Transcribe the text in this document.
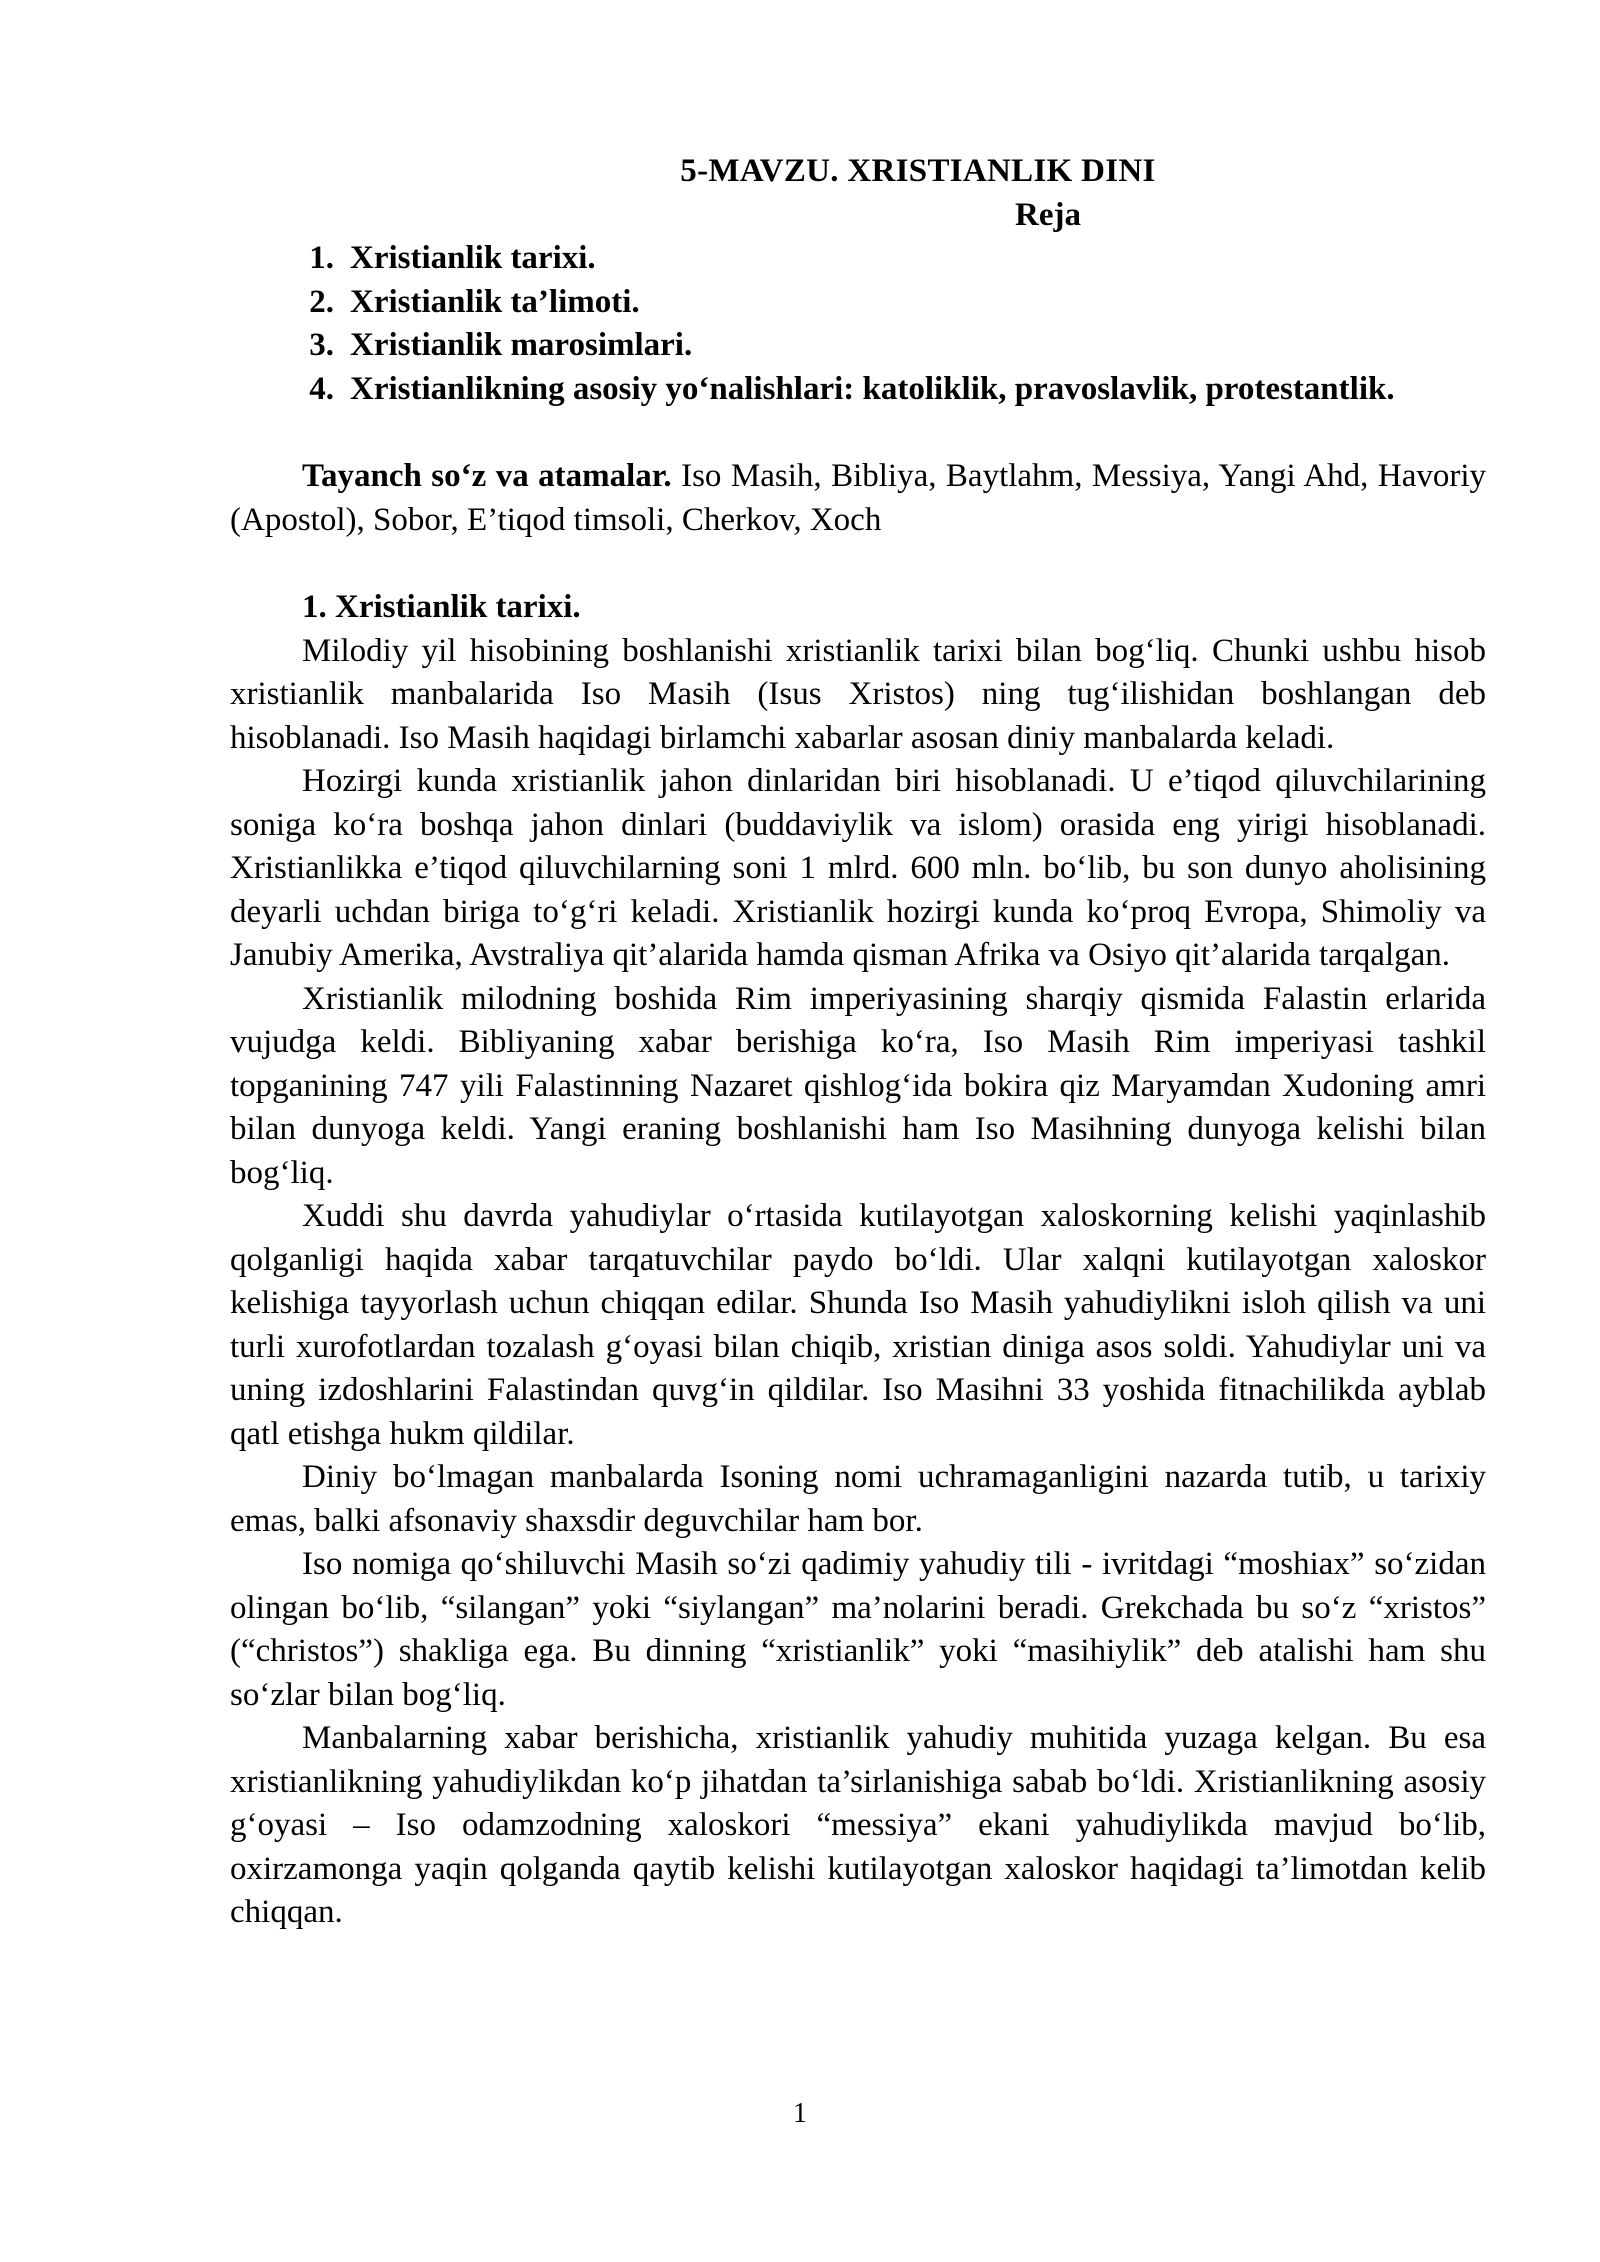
5-MAVZU. XRISTIANLIK DINI
Reja
1. Xristianlik tarixi.
2. Xristianlik ta’limoti.
3. Xristianlik marosimlari.
4. Xristianlikning asosiy yo‘nalishlari: katoliklik, pravoslavlik, protestantlik.

Tayanch so‘z va atamalar. Iso Masih, Bibliya, Baytlahm, Messiya, Yangi Ahd, Havoriy (Apostol), Sobor, E’tiqod timsoli, Cherkov, Xoch

1. Xristianlik tarixi.

Milodiy yil hisobining boshlanishi xristianlik tarixi bilan bog‘liq. Chunki ushbu hisob xristianlik manbalarida Iso Masih (Isus Xristos) ning tug‘ilishidan boshlangan deb hisoblanadi. Iso Masih haqidagi birlamchi xabarlar asosan diniy manbalarda keladi.

Hozirgi kunda xristianlik jahon dinlaridan biri hisoblanadi. U e’tiqod qiluvchilarining soniga ko‘ra boshqa jahon dinlari (buddaviylik va islom) orasida eng yirigi hisoblanadi. Xristianlikka e’tiqod qiluvchilarning soni 1 mlrd. 600 mln. bo‘lib, bu son dunyo aholisining deyarli uchdan biriga to‘g‘ri keladi. Xristianlik hozirgi kunda ko‘proq Evropa, Shimoliy va Janubiy Amerika, Avstraliya qit’alarida hamda qisman Afrika va Osiyo qit’alarida tarqalgan.

Xristianlik milodning boshida Rim imperiyasining sharqiy qismida Falastin erlarida vujudga keldi. Bibliyaning xabar berishiga ko‘ra, Iso Masih Rim imperiyasi tashkil topganining 747 yili Falastinning Nazaret qishlog‘ida bokira qiz Maryamdan Xudoning amri bilan dunyoga keldi. Yangi eraning boshlanishi ham Iso Masihning dunyoga kelishi bilan bog‘liq.

Xuddi shu davrda yahudiylar o‘rtasida kutilayotgan xaloskorning kelishi yaqinlashib qolganligi haqida xabar tarqatuvchilar paydo bo‘ldi. Ular xalqni kutilayotgan xaloskor kelishiga tayyorlash uchun chiqqan edilar. Shunda Iso Masih yahudiylikni isloh qilish va uni turli xurofotlardan tozalash g‘oyasi bilan chiqib, xristian diniga asos soldi. Yahudiylar uni va uning izdoshlarini Falastindan quvg‘in qildilar. Iso Masihni 33 yoshida fitnachilikda ayblab qatl etishga hukm qildilar.

Diniy bo‘lmagan manbalarda Isoning nomi uchramaganligini nazarda tutib, u tarixiy emas, balki afsonaviy shaxsdir deguvchilar ham bor.

Iso nomiga qo‘shiluvchi Masih so‘zi qadimiy yahudiy tili - ivritdagi “moshiax” so‘zidan olingan bo‘lib, “silangan” yoki “siylangan” ma’nolarini beradi. Grekchada bu so‘z “xristos” (“christos”) shakliga ega. Bu dinning “xristianlik” yoki “masihiylik” deb atalishi ham shu so‘zlar bilan bog‘liq.

Manbalarning xabar berishicha, xristianlik yahudiy muhitida yuzaga kelgan. Bu esa xristianlikning yahudiylikdan ko‘p jihatdan ta’sirlanishiga sabab bo‘ldi. Xristianlikning asosiy g‘oyasi – Iso odamzodning xaloskori “messiya” ekani yahudiylikda mavjud bo‘lib, oxirzamonga yaqin qolganda qaytib kelishi kutilayotgan xaloskor haqidagi ta’limotdan kelib chiqqan.

1
